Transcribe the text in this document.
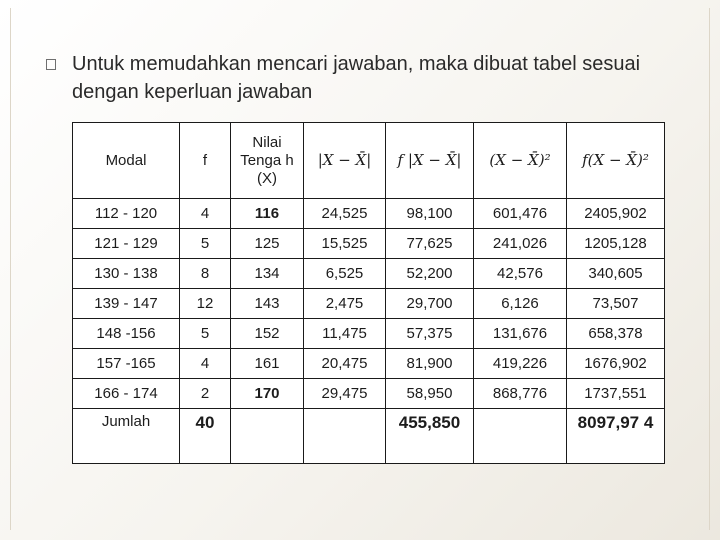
Untuk memudahkan mencari jawaban, maka dibuat tabel sesuai dengan keperluan jawaban
Modal	f	Nilai Tenga h (X)	|X − X̄|	f |X − X̄|	(X − X̄)²	f(X − X̄)²
112 - 120	4	116	24,525	98,100	601,476	2405,902
121 - 129	5	125	15,525	77,625	241,026	1205,128
130 - 138	8	134	6,525	52,200	42,576	340,605
139 - 147	12	143	2,475	29,700	6,126	73,507
148 -156	5	152	11,475	57,375	131,676	658,378
157 -165	4	161	20,475	81,900	419,226	1676,902
166 - 174	2	170	29,475	58,950	868,776	1737,551
Jumlah	40			455,850		8097,97 4
